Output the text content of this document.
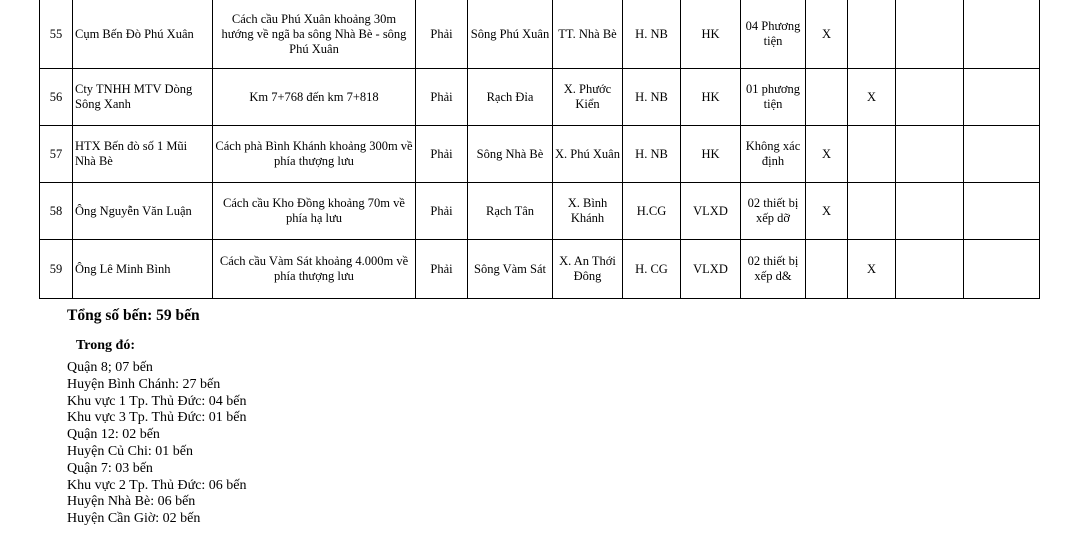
55	Cụm Bến Đò Phú Xuân	Cách cầu Phú Xuân khoảng 30m hướng về ngã ba sông Nhà Bè - sông Phú Xuân	Phải	Sông Phú Xuân	TT. Nhà Bè	H. NB	HK	04 Phương tiện	X			
56	Cty TNHH MTV Dòng Sông Xanh	Km 7+768 đến km 7+818	Phải	Rạch Đỉa	X. Phước Kiển	H. NB	HK	01 phương tiện		X		
57	HTX Bến đò số 1 Mũi Nhà Bè	Cách phà Bình Khánh khoảng 300m về phía thượng lưu	Phải	Sông Nhà Bè	X. Phú Xuân	H. NB	HK	Không xác định	X			
58	Ông Nguyễn Văn Luận	Cách cầu Kho Đồng khoảng 70m về phía hạ lưu	Phải	Rạch Tân	X. Bình Khánh	H.CG	VLXD	02 thiết bị xếp dỡ	X			
59	Ông Lê Minh Bình	Cách cầu Vàm Sát khoảng 4.000m về phía thượng lưu	Phải	Sông Vàm Sát	X. An Thới Đông	H. CG	VLXD	02 thiết bị xếp d&		X		
Tổng số bến: 59 bến
Trong đó:
Quận 8; 07 bến
Huyện Bình Chánh: 27 bến
Khu vực 1 Tp. Thủ Đức: 04 bến
Khu vực 3 Tp. Thủ Đức: 01 bến
Quận 12: 02 bến
Huyện Củ Chi: 01 bến
Quận 7: 03 bến
Khu vực 2 Tp. Thủ Đức: 06 bến
Huyện Nhà Bè: 06 bến
Huyện Cần Giờ: 02 bến
